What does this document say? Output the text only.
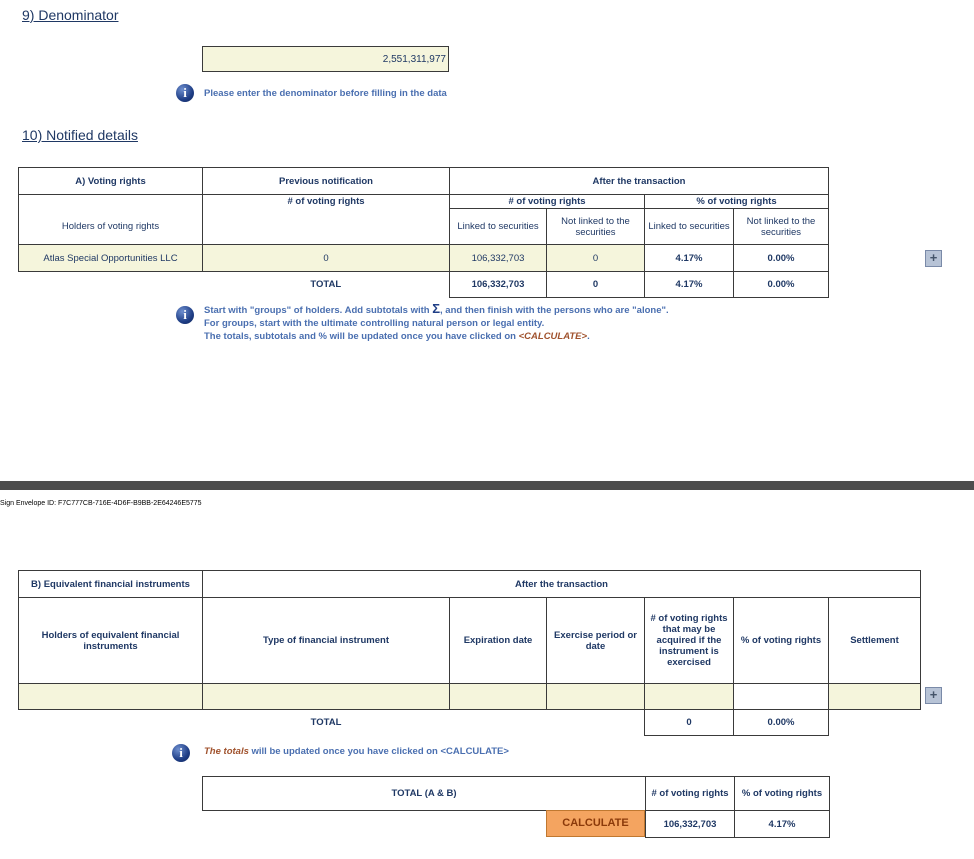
9) Denominator
2,551,311,977
i	Please enter the denominator before filling in the data
10) Notified details
A) Voting rights	Previous notification	After the transaction			
	# of voting rights	# of voting rights		% of voting rights	
Holders of voting rights		Linked to securities	Not linked to the securities	Linked to securities	Not linked to the securities
Atlas Special Opportunities LLC	0	106,332,703	0	4.17%	0.00%
	TOTAL	106,332,703	0	4.17%	0.00%
+
i	Start with "groups" of holders. Add subtotals with Σ, and then finish with the persons who are "alone".
For groups, start with the ultimate controlling natural person or legal entity.
The totals, subtotals and % will be updated once you have clicked on <CALCULATE>.
Sign Envelope ID: F7C777CB-716E-4D6F-B9BB-2E64246E5775
B) Equivalent financial instruments	After the transaction					
Holders of equivalent financial instruments	Type of financial instrument	Expiration date	Exercise period or date	# of voting rights that may be acquired if the instrument is exercised	% of voting rights	Settlement

	TOTAL			0	0.00%	
+
i	The totals will be updated once you have clicked on <CALCULATE>
TOTAL (A & B)		# of voting rights	% of voting rights
		106,332,703	4.17%
CALCULATE
